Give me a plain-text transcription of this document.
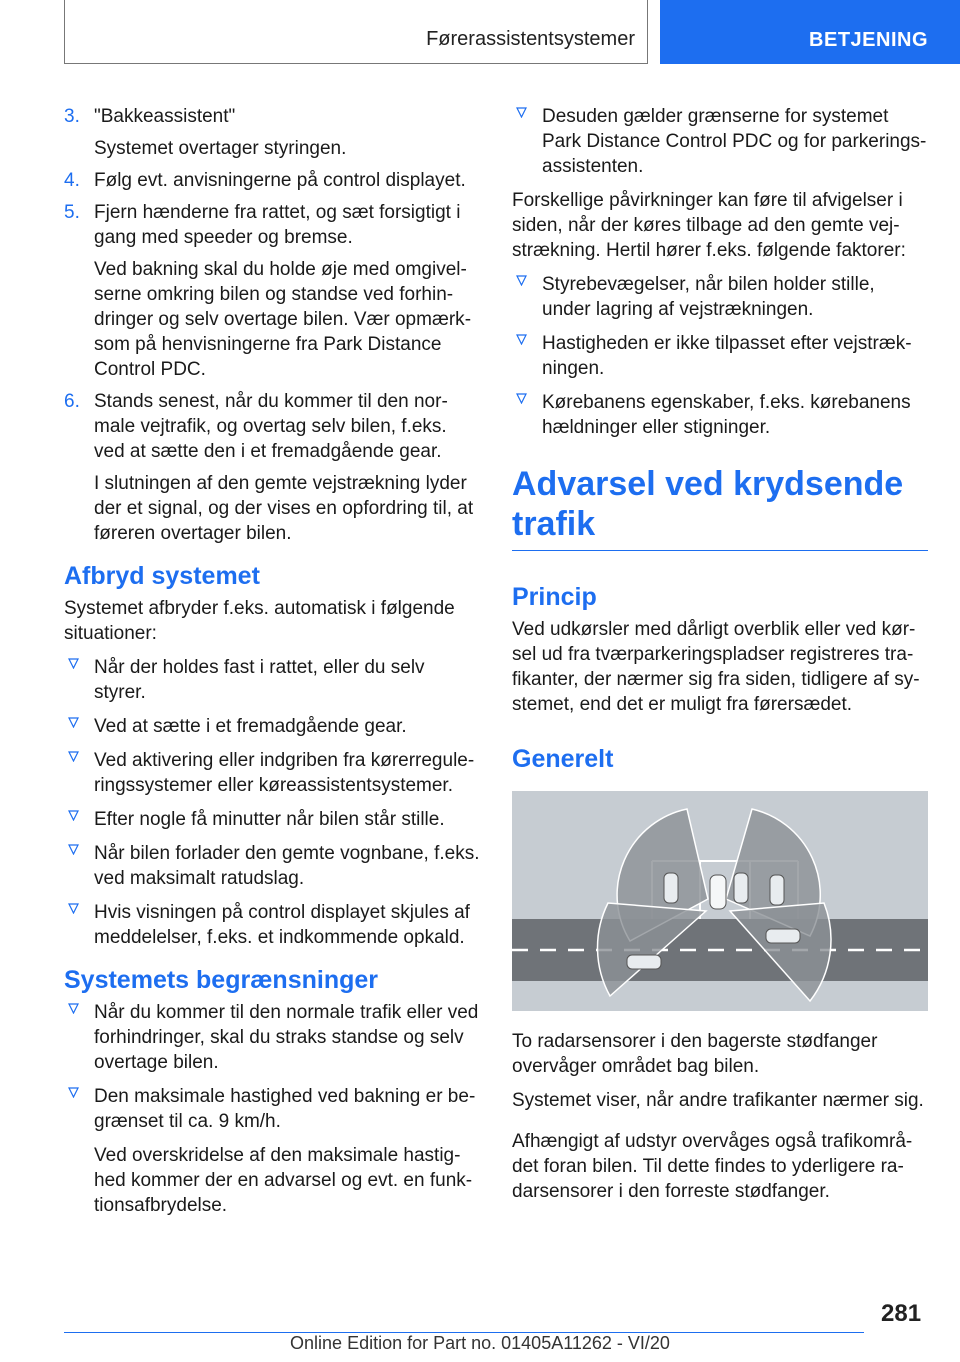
Førerassistentsystemer	BETJENING
3. "Bakkeassistent"

Systemet overtager styringen.

4. Følg evt. anvisningerne på control displayet.

5. Fjern hænderne fra rattet, og sæt forsigtigt i gang med speeder og bremse.

Ved bakning skal du holde øje med omgivelserne omkring bilen og standse ved forhindringer og selv overtage bilen. Vær opmærksom på henvisningerne fra Park Distance Control PDC.

6. Stands senest, når du kommer til den normale vejtrafik, og overtag selv bilen, f.eks. ved at sætte den i et fremadgående gear.

I slutningen af den gemte vejstrækning lyder der et signal, og der vises en opfordring til, at føreren overtager bilen.

Afbryd systemet

Systemet afbryder f.eks. automatisk i følgende situationer:

Når der holdes fast i rattet, eller du selv styrer.

Ved at sætte i et fremadgående gear.

Ved aktivering eller indgriben fra kørerreguleringssystemer eller køreassistentsystemer.

Efter nogle få minutter når bilen står stille.

Når bilen forlader den gemte vognbane, f.eks. ved maksimalt ratudslag.

Hvis visningen på control displayet skjules af meddelelser, f.eks. et indkommende opkald.

Systemets begrænsninger

Når du kommer til den normale trafik eller ved forhindringer, skal du straks standse og selv overtage bilen.

Den maksimale hastighed ved bakning er begrænset til ca. 9 km/h.

Ved overskridelse af den maksimale hastighed kommer der en advarsel og evt. en funktionsafbrydelse.

Desuden gælder grænserne for systemet Park Distance Control PDC og for parkeringsassistenten.

Forskellige påvirkninger kan føre til afvigelser i siden, når der køres tilbage ad den gemte vejstrækning. Hertil hører f.eks. følgende faktorer:

Styrebevægelser, når bilen holder stille, under lagring af vejstrækningen.

Hastigheden er ikke tilpasset efter vejstrækningen.

Kørebanens egenskaber, f.eks. kørebanens hældninger eller stigninger.

Advarsel ved krydsende trafik
Princip

Ved udkørsler med dårligt overblik eller ved kørsel ud fra tværparkeringspladser registreres trafikanter, der nærmer sig fra siden, tidligere af systemet, end det er muligt fra førersædet.

Generelt

To radarsensorer i den bagerste stødfanger overvåger området bag bilen.

Systemet viser, når andre trafikanter nærmer sig.

Afhængigt af udstyr overvåges også trafikområdet foran bilen. Til dette findes to yderligere radarsensorer i den forreste stødfanger.

281
Online Edition for Part no. 01405A11262 - VI/20
